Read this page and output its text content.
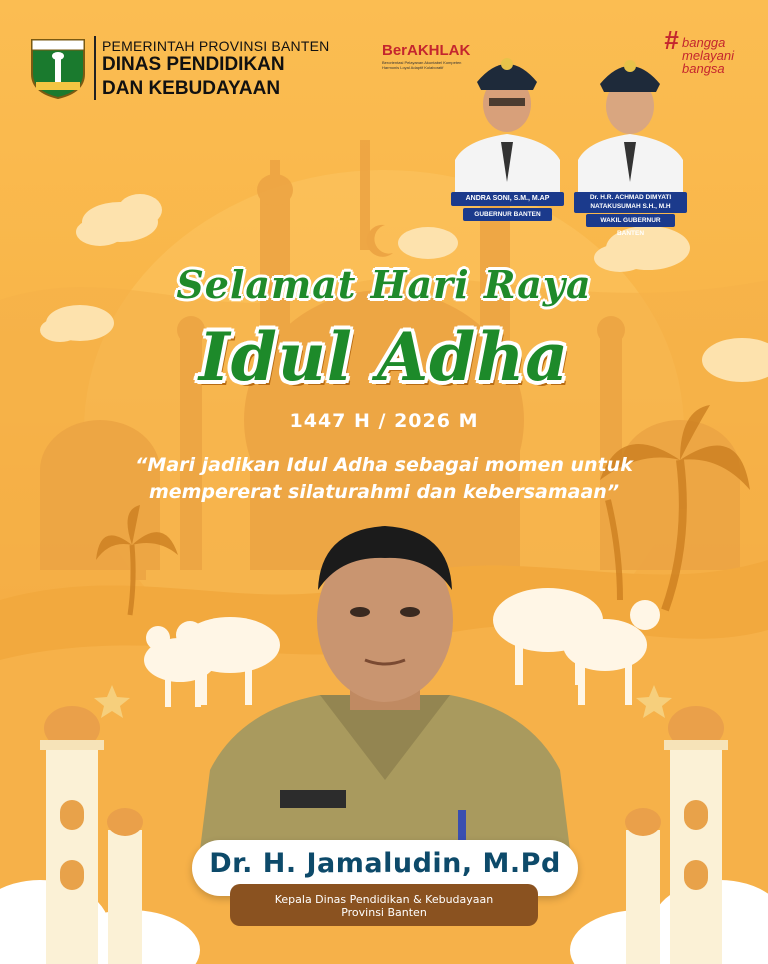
PEMERINTAH PROVINSI BANTEN
DINAS PENDIDIKAN
DAN KEBUDAYAAN
BerAKHLAK
Berorientasi Pelayanan Akuntabel Kompeten Harmonis Loyal Adaptif Kolaboratif
# bangga
melayani
bangsa
ANDRA SONI, S.M., M.AP
GUBERNUR BANTEN
Dr. H.R. ACHMAD DIMYATI NATAKUSUMAH S.H., M.H
WAKIL GUBERNUR BANTEN
Selamat Hari Raya
Idul Adha
1447 H / 2026 M
“Mari jadikan Idul Adha sebagai momen untuk
mempererat silaturahmi dan kebersamaan”
Dr. H. Jamaludin, M.Pd
Kepala Dinas Pendidikan & Kebudayaan
Provinsi Banten
